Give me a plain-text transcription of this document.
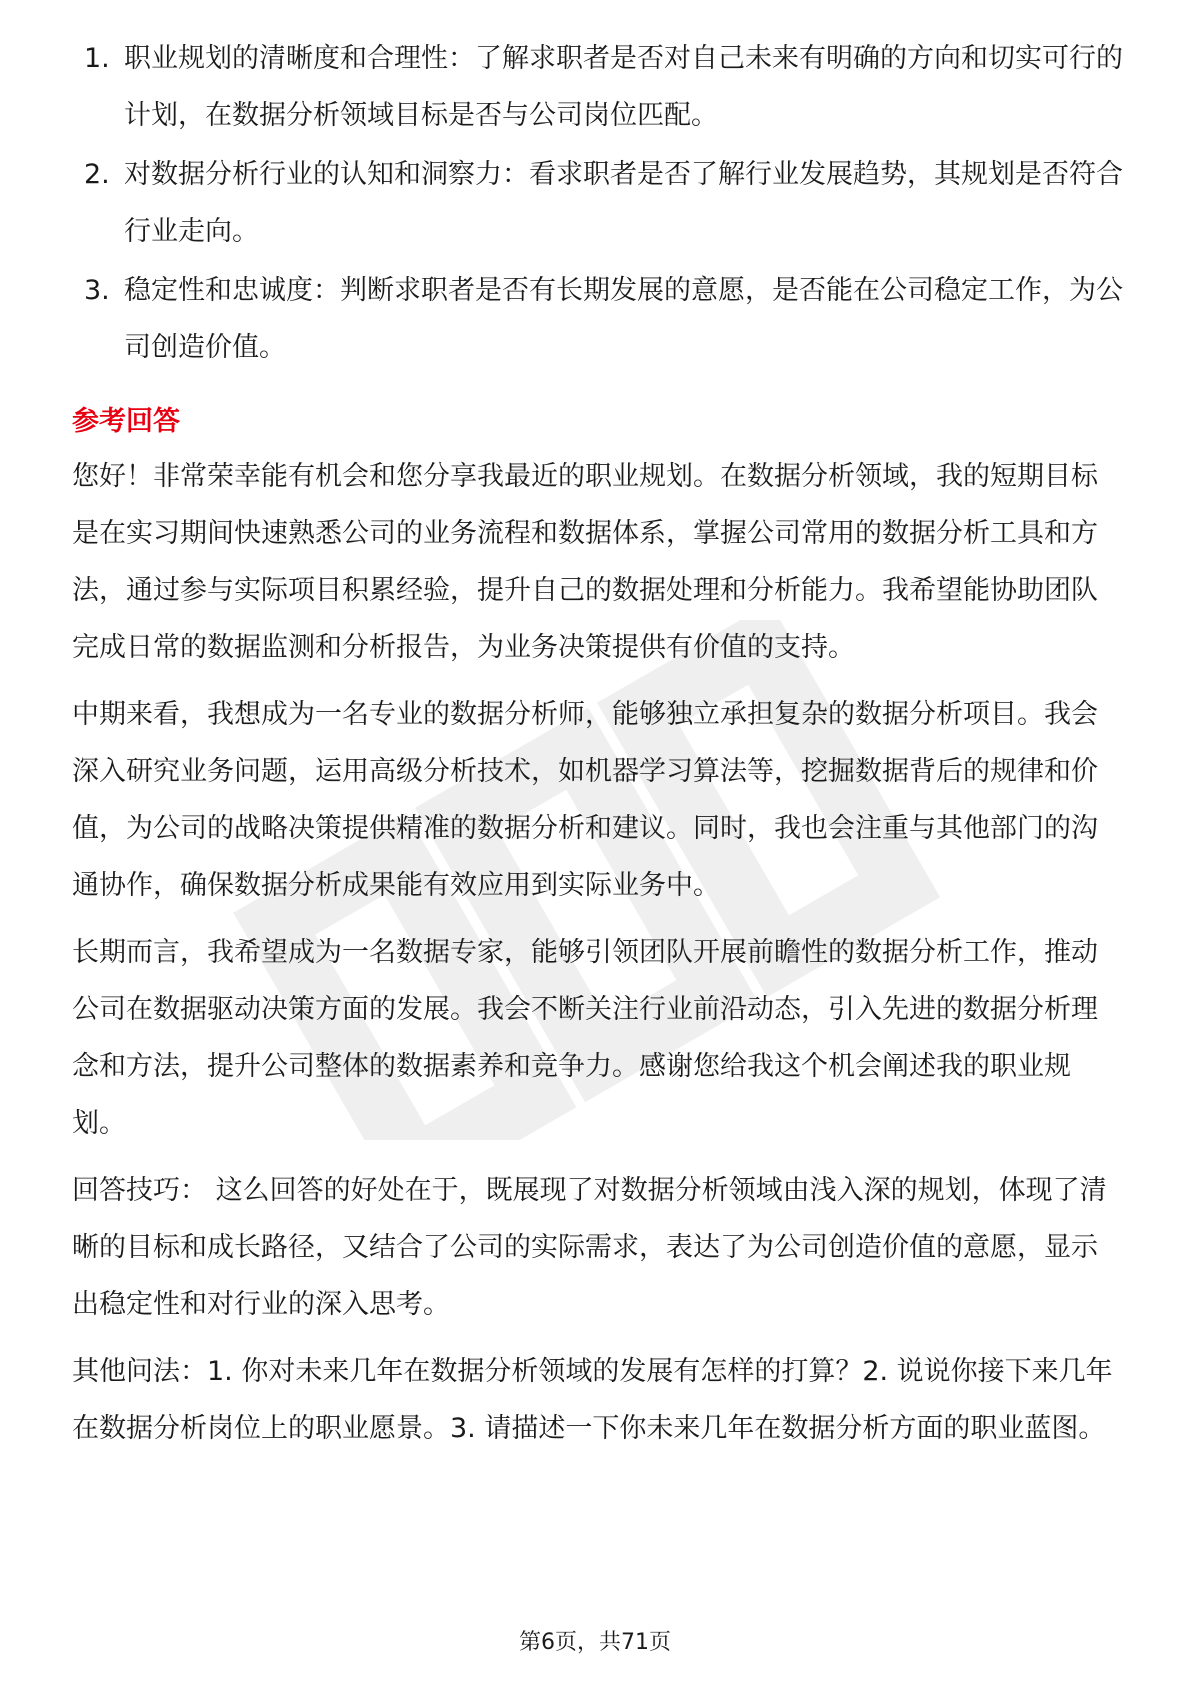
1. 职业规划的清晰度和合理性：了解求职者是否对自己未来有明确的方向和切实可行的计划，在数据分析领域目标是否与公司岗位匹配。
2. 对数据分析行业的认知和洞察力：看求职者是否了解行业发展趋势，其规划是否符合行业走向。
3. 稳定性和忠诚度：判断求职者是否有长期发展的意愿，是否能在公司稳定工作，为公司创造价值。
参考回答

您好！非常荣幸能有机会和您分享我最近的职业规划。在数据分析领域，我的短期目标是在实习期间快速熟悉公司的业务流程和数据体系，掌握公司常用的数据分析工具和方法，通过参与实际项目积累经验，提升自己的数据处理和分析能力。我希望能协助团队完成日常的数据监测和分析报告，为业务决策提供有价值的支持。

中期来看，我想成为一名专业的数据分析师，能够独立承担复杂的数据分析项目。我会深入研究业务问题，运用高级分析技术，如机器学习算法等，挖掘数据背后的规律和价值，为公司的战略决策提供精准的数据分析和建议。同时，我也会注重与其他部门的沟通协作，确保数据分析成果能有效应用到实际业务中。

长期而言，我希望成为一名数据专家，能够引领团队开展前瞻性的数据分析工作，推动公司在数据驱动决策方面的发展。我会不断关注行业前沿动态，引入先进的数据分析理念和方法，提升公司整体的数据素养和竞争力。感谢您给我这个机会阐述我的职业规划。

回答技巧： 这么回答的好处在于，既展现了对数据分析领域由浅入深的规划，体现了清晰的目标和成长路径，又结合了公司的实际需求，表达了为公司创造价值的意愿，显示出稳定性和对行业的深入思考。

其他问法：1. 你对未来几年在数据分析领域的发展有怎样的打算？2. 说说你接下来几年在数据分析岗位上的职业愿景。3. 请描述一下你未来几年在数据分析方面的职业蓝图。

第6页，共71页
